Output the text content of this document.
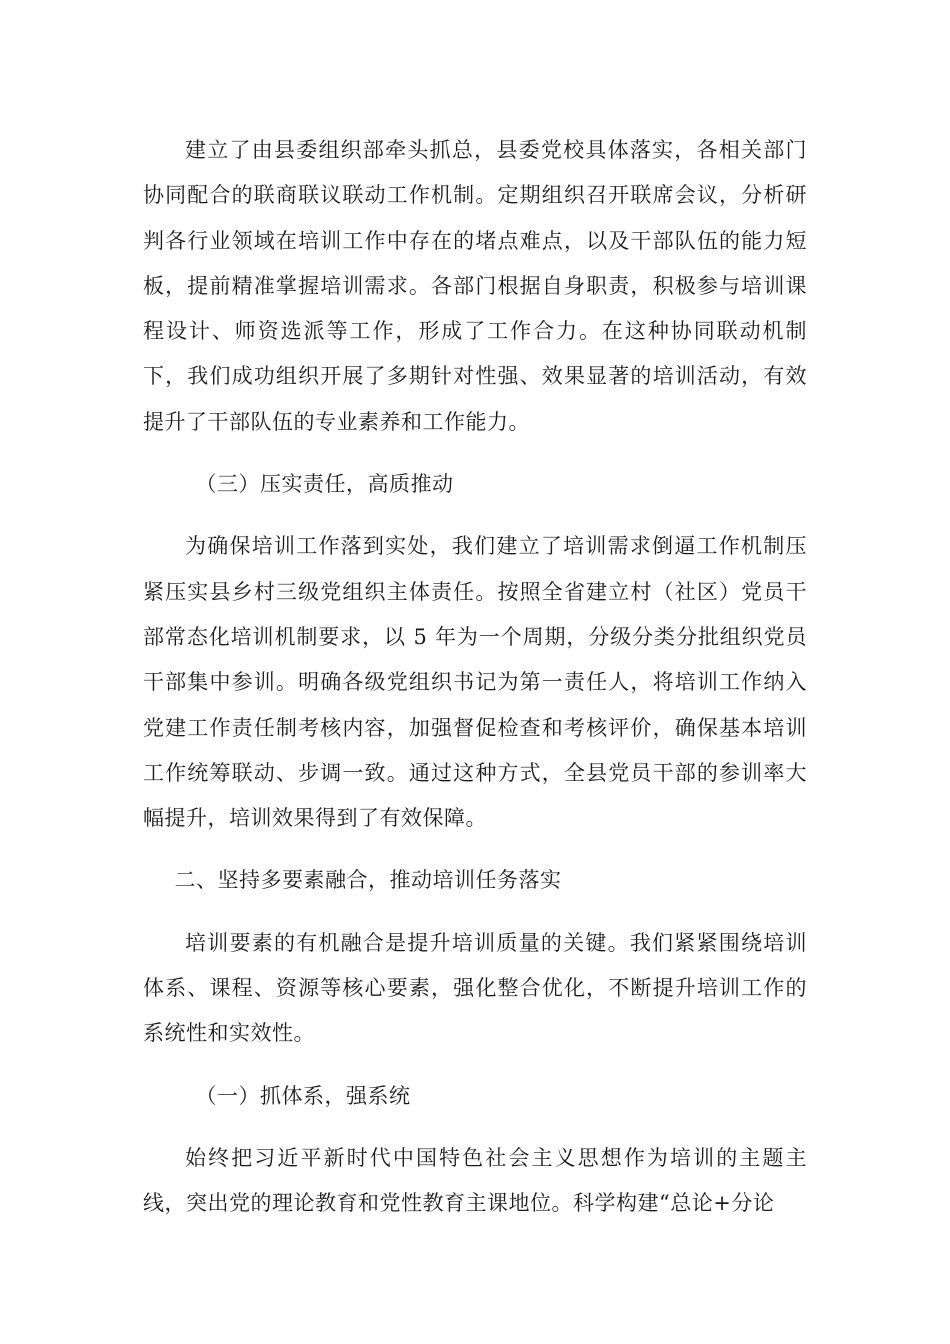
建立了由县委组织部牵头抓总，县委党校具体落实，各相关部门协同配合的联商联议联动工作机制。定期组织召开联席会议，分析研判各行业领域在培训工作中存在的堵点难点，以及干部队伍的能力短板，提前精准掌握培训需求。各部门根据自身职责，积极参与培训课程设计、师资选派等工作，形成了工作合力。在这种协同联动机制下，我们成功组织开展了多期针对性强、效果显著的培训活动，有效提升了干部队伍的专业素养和工作能力。

（三）压实责任，高质推动

为确保培训工作落到实处，我们建立了培训需求倒逼工作机制压紧压实县乡村三级党组织主体责任。按照全省建立村（社区）党员干部常态化培训机制要求，以 5 年为一个周期，分级分类分批组织党员干部集中参训。明确各级党组织书记为第一责任人，将培训工作纳入党建工作责任制考核内容，加强督促检查和考核评价，确保基本培训工作统筹联动、步调一致。通过这种方式，全县党员干部的参训率大幅提升，培训效果得到了有效保障。

二、坚持多要素融合，推动培训任务落实

培训要素的有机融合是提升培训质量的关键。我们紧紧围绕培训体系、课程、资源等核心要素，强化整合优化，不断提升培训工作的系统性和实效性。

（一）抓体系，强系统

始终把习近平新时代中国特色社会主义思想作为培训的主题主线，突出党的理论教育和党性教育主课地位。科学构建“总论+分论
